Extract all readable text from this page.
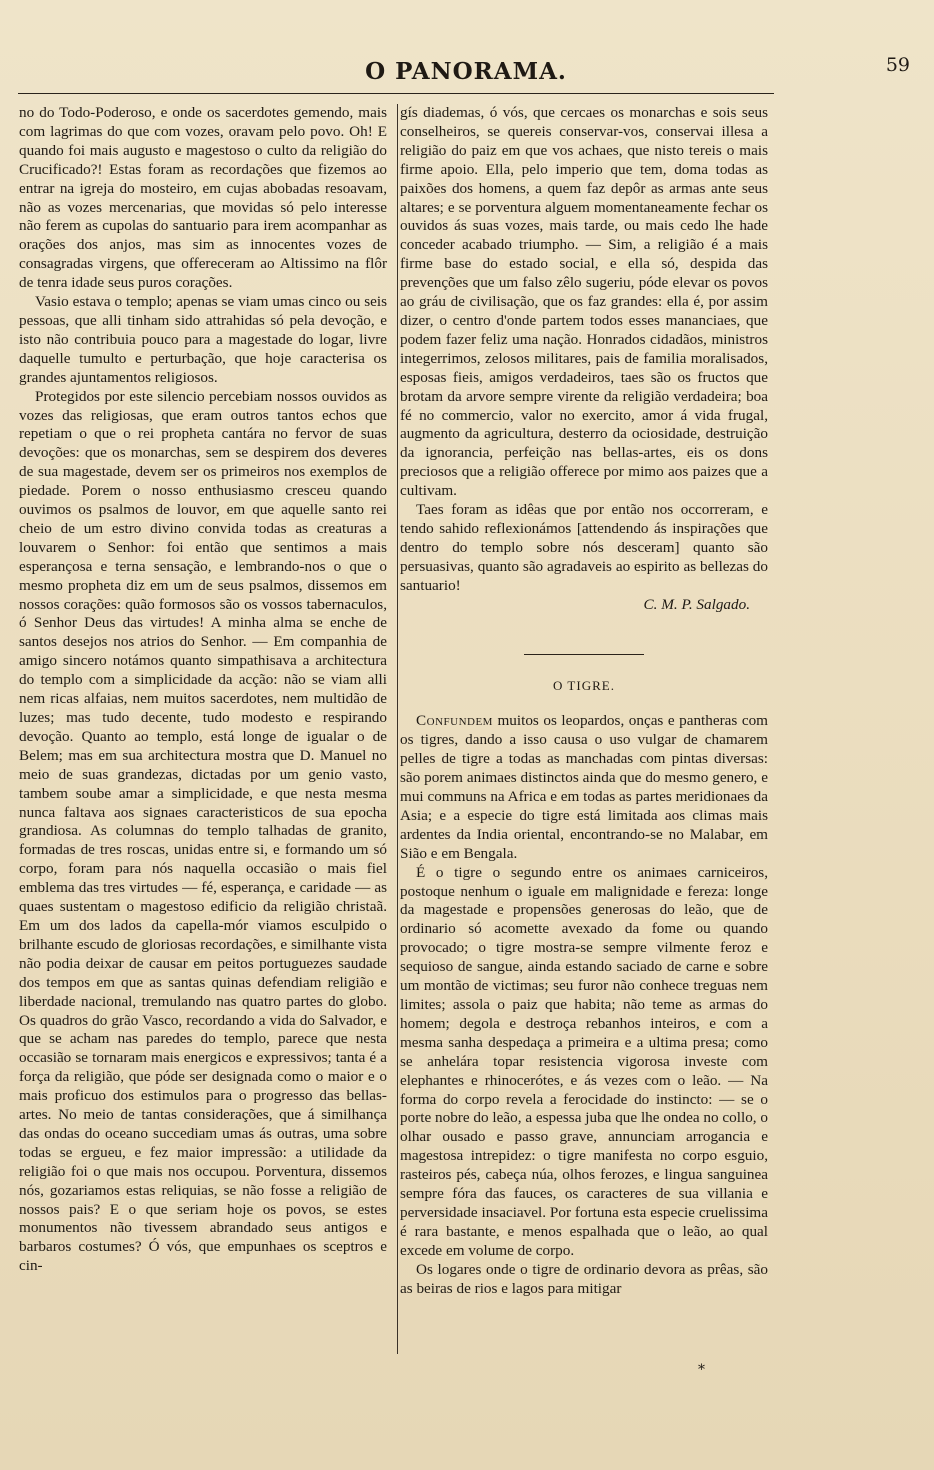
O PANORAMA.	59

no do Todo-Poderoso, e onde os sacerdotes gemendo, mais com lagrimas do que com vozes, oravam pelo povo. Oh! E quando foi mais augusto e magestoso o culto da religião do Crucificado?! Estas foram as recordações que fizemos ao entrar na igreja do mosteiro, em cujas abobadas resoavam, não as vozes mercenarias, que movidas só pelo interesse não ferem as cupolas do santuario para irem acompanhar as orações dos anjos, mas sim as innocentes vozes de consagradas virgens, que offereceram ao Altissimo na flôr de tenra idade seus puros corações.

Vasio estava o templo; apenas se viam umas cinco ou seis pessoas, que alli tinham sido attrahidas só pela devoção, e isto não contribuia pouco para a magestade do logar, livre daquelle tumulto e perturbação, que hoje caracterisa os grandes ajuntamentos religiosos.

Protegidos por este silencio percebiam nossos ouvidos as vozes das religiosas, que eram outros tantos echos que repetiam o que o rei propheta cantára no fervor de suas devoções: que os monarchas, sem se despirem dos deveres de sua magestade, devem ser os primeiros nos exemplos de piedade. Porem o nosso enthusiasmo cresceu quando ouvimos os psalmos de louvor, em que aquelle santo rei cheio de um estro divino convida todas as creaturas a louvarem o Senhor: foi então que sentimos a mais esperançosa e terna sensação, e lembrando-nos o que o mesmo propheta diz em um de seus psalmos, dissemos em nossos corações: quão formosos são os vossos tabernaculos, ó Senhor Deus das virtudes! A minha alma se enche de santos desejos nos atrios do Senhor. — Em companhia de amigo sincero notámos quanto simpathisava a architectura do templo com a simplicidade da acção: não se viam alli nem ricas alfaias, nem muitos sacerdotes, nem multidão de luzes; mas tudo decente, tudo modesto e respirando devoção. Quanto ao templo, está longe de igualar o de Belem; mas em sua architectura mostra que D. Manuel no meio de suas grandezas, dictadas por um genio vasto, tambem soube amar a simplicidade, e que nesta mesma nunca faltava aos signaes caracteristicos de sua epocha grandiosa. As columnas do templo talhadas de granito, formadas de tres roscas, unidas entre si, e formando um só corpo, foram para nós naquella occasião o mais fiel emblema das tres virtudes — fé, esperança, e caridade — as quaes sustentam o magestoso edificio da religião christaã. Em um dos lados da capella-mór viamos esculpido o brilhante escudo de gloriosas recordações, e similhante vista não podia deixar de causar em peitos portuguezes saudade dos tempos em que as santas quinas defendiam religião e liberdade nacional, tremulando nas quatro partes do globo. Os quadros do grão Vasco, recordando a vida do Salvador, e que se acham nas paredes do templo, parece que nesta occasião se tornaram mais energicos e expressivos; tanta é a força da religião, que póde ser designada como o maior e o mais proficuo dos estimulos para o progresso das bellas-artes. No meio de tantas considerações, que á similhança das ondas do oceano succediam umas ás outras, uma sobre todas se ergueu, e fez maior impressão: a utilidade da religião foi o que mais nos occupou. Porventura, dissemos nós, gozariamos estas reliquias, se não fosse a religião de nossos pais? E o que seriam hoje os povos, se estes monumentos não tivessem abrandado seus antigos e barbaros costumes? Ó vós, que empunhaes os sceptros e cin-

gís diademas, ó vós, que cercaes os monarchas e sois seus conselheiros, se quereis conservar-vos, conservai illesa a religião do paiz em que vos achaes, que nisto tereis o mais firme apoio. Ella, pelo imperio que tem, doma todas as paixões dos homens, a quem faz depôr as armas ante seus altares; e se porventura alguem momentaneamente fechar os ouvidos ás suas vozes, mais tarde, ou mais cedo lhe hade conceder acabado triumpho. — Sim, a religião é a mais firme base do estado social, e ella só, despida das prevenções que um falso zêlo sugeriu, póde elevar os povos ao gráu de civilisação, que os faz grandes: ella é, por assim dizer, o centro d'onde partem todos esses mananciaes, que podem fazer feliz uma nação. Honrados cidadãos, ministros integerrimos, zelosos militares, pais de familia moralisados, esposas fieis, amigos verdadeiros, taes são os fructos que brotam da arvore sempre virente da religião verdadeira; boa fé no commercio, valor no exercito, amor á vida frugal, augmento da agricultura, desterro da ociosidade, destruição da ignorancia, perfeição nas bellas-artes, eis os dons preciosos que a religião offerece por mimo aos paizes que a cultivam.

Taes foram as idêas que por então nos occorreram, e tendo sahido reflexionámos [attendendo ás inspirações que dentro do templo sobre nós desceram] quanto são persuasivas, quanto são agradaveis ao espirito as bellezas do santuario!

C. M. P. Salgado.

O TIGRE.

Confundem muitos os leopardos, onças e pantheras com os tigres, dando a isso causa o uso vulgar de chamarem pelles de tigre a todas as manchadas com pintas diversas: são porem animaes distinctos ainda que do mesmo genero, e mui communs na Africa e em todas as partes meridionaes da Asia; e a especie do tigre está limitada aos climas mais ardentes da India oriental, encontrando-se no Malabar, em Sião e em Bengala.

É o tigre o segundo entre os animaes carniceiros, postoque nenhum o iguale em malignidade e fereza: longe da magestade e propensões generosas do leão, que de ordinario só acomette avexado da fome ou quando provocado; o tigre mostra-se sempre vilmente feroz e sequioso de sangue, ainda estando saciado de carne e sobre um montão de victimas; seu furor não conhece treguas nem limites; assola o paiz que habita; não teme as armas do homem; degola e destroça rebanhos inteiros, e com a mesma sanha despedaça a primeira e a ultima presa; como se anhelára topar resistencia vigorosa investe com elephantes e rhinocerótes, e ás vezes com o leão. — Na forma do corpo revela a ferocidade do instincto: — se o porte nobre do leão, a espessa juba que lhe ondea no collo, o olhar ousado e passo grave, annunciam arrogancia e magestosa intrepidez: o tigre manifesta no corpo esguio, rasteiros pés, cabeça núa, olhos ferozes, e lingua sanguinea sempre fóra das fauces, os caracteres de sua villania e perversidade insaciavel. Por fortuna esta especie cruelissima é rara bastante, e menos espalhada que o leão, ao qual excede em volume de corpo.

Os logares onde o tigre de ordinario devora as prêas, são as beiras de rios e lagos para mitigar

*
